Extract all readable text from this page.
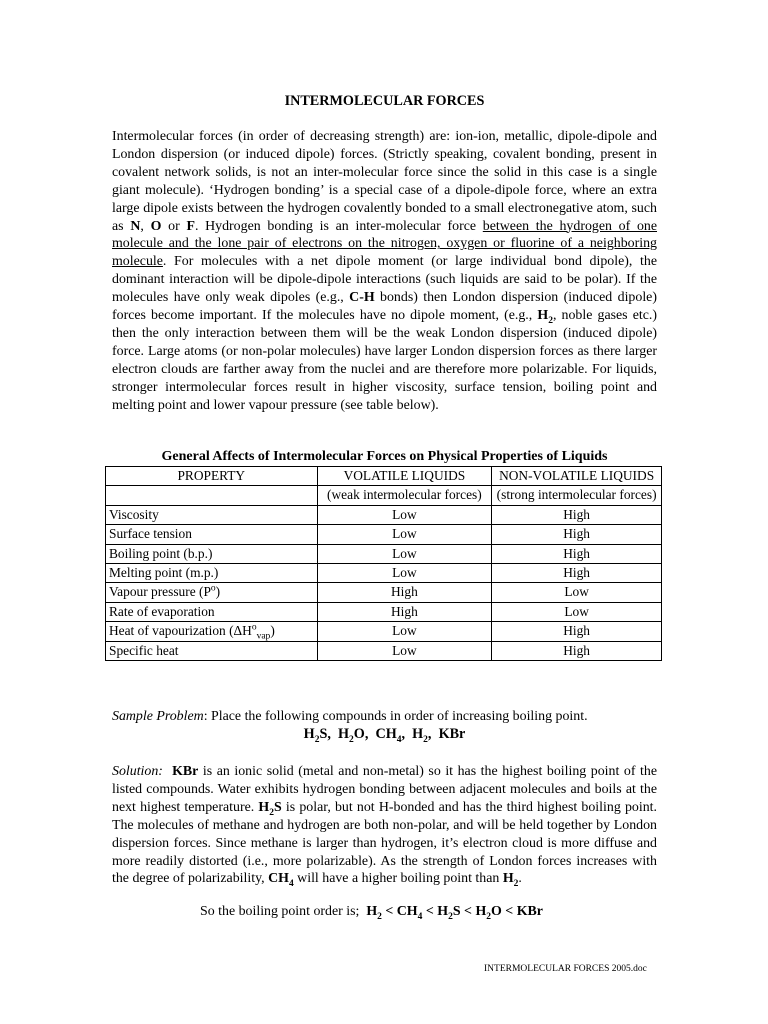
INTERMOLECULAR FORCES
Intermolecular forces (in order of decreasing strength) are: ion-ion, metallic, dipole-dipole and London dispersion (or induced dipole) forces. (Strictly speaking, covalent bonding, present in covalent network solids, is not an inter-molecular force since the solid in this case is a single giant molecule). ‘Hydrogen bonding’ is a special case of a dipole-dipole force, where an extra large dipole exists between the hydrogen covalently bonded to a small electronegative atom, such as N, O or F. Hydrogen bonding is an inter-molecular force between the hydrogen of one molecule and the lone pair of electrons on the nitrogen, oxygen or fluorine of a neighboring molecule. For molecules with a net dipole moment (or large individual bond dipole), the dominant interaction will be dipole-dipole interactions (such liquids are said to be polar). If the molecules have only weak dipoles (e.g., C-H bonds) then London dispersion (induced dipole) forces become important. If the molecules have no dipole moment, (e.g., $H_2$, noble gases etc.) then the only interaction between them will be the weak London dispersion (induced dipole) force. Large atoms (or non-polar molecules) have larger London dispersion forces as there larger electron clouds are farther away from the nuclei and are therefore more polarizable. For liquids, stronger intermolecular forces result in higher viscosity, surface tension, boiling point and melting point and lower vapour pressure (see table below).
General Affects of Intermolecular Forces on Physical Properties of Liquids
PROPERTY	VOLATILE LIQUIDS	NON-VOLATILE LIQUIDS
	(weak intermolecular forces)	(strong intermolecular forces)
Viscosity	Low	High
Surface tension	Low	High
Boiling point (b.p.)	Low	High
Melting point (m.p.)	Low	High
Vapour pressure $(P^o)$	High	Low
Rate of evaporation	High	Low
Heat of vapourization $(\Delta H^o_{vap})$	Low	High
Specific heat	Low	High
Sample Problem: Place the following compounds in order of increasing boiling point.
$H_2S$,  $H_2O$,  $CH_4$,  $H_2$,  KBr
Solution: KBr is an ionic solid (metal and non-metal) so it has the highest boiling point of the listed compounds. Water exhibits hydrogen bonding between adjacent molecules and boils at the next highest temperature. $H_2S$ is polar, but not H-bonded and has the third highest boiling point. The molecules of methane and hydrogen are both non-polar, and will be held together by London dispersion forces. Since methane is larger than hydrogen, it’s electron cloud is more diffuse and more readily distorted (i.e., more polarizable). As the strength of London forces increases with the degree of polarizability, $CH_4$ will have a higher boiling point than $H_2$.
So the boiling point order is; $H_2 < CH_4 < H_2S < H_2O$ < KBr
INTERMOLECULAR FORCES 2005.doc
